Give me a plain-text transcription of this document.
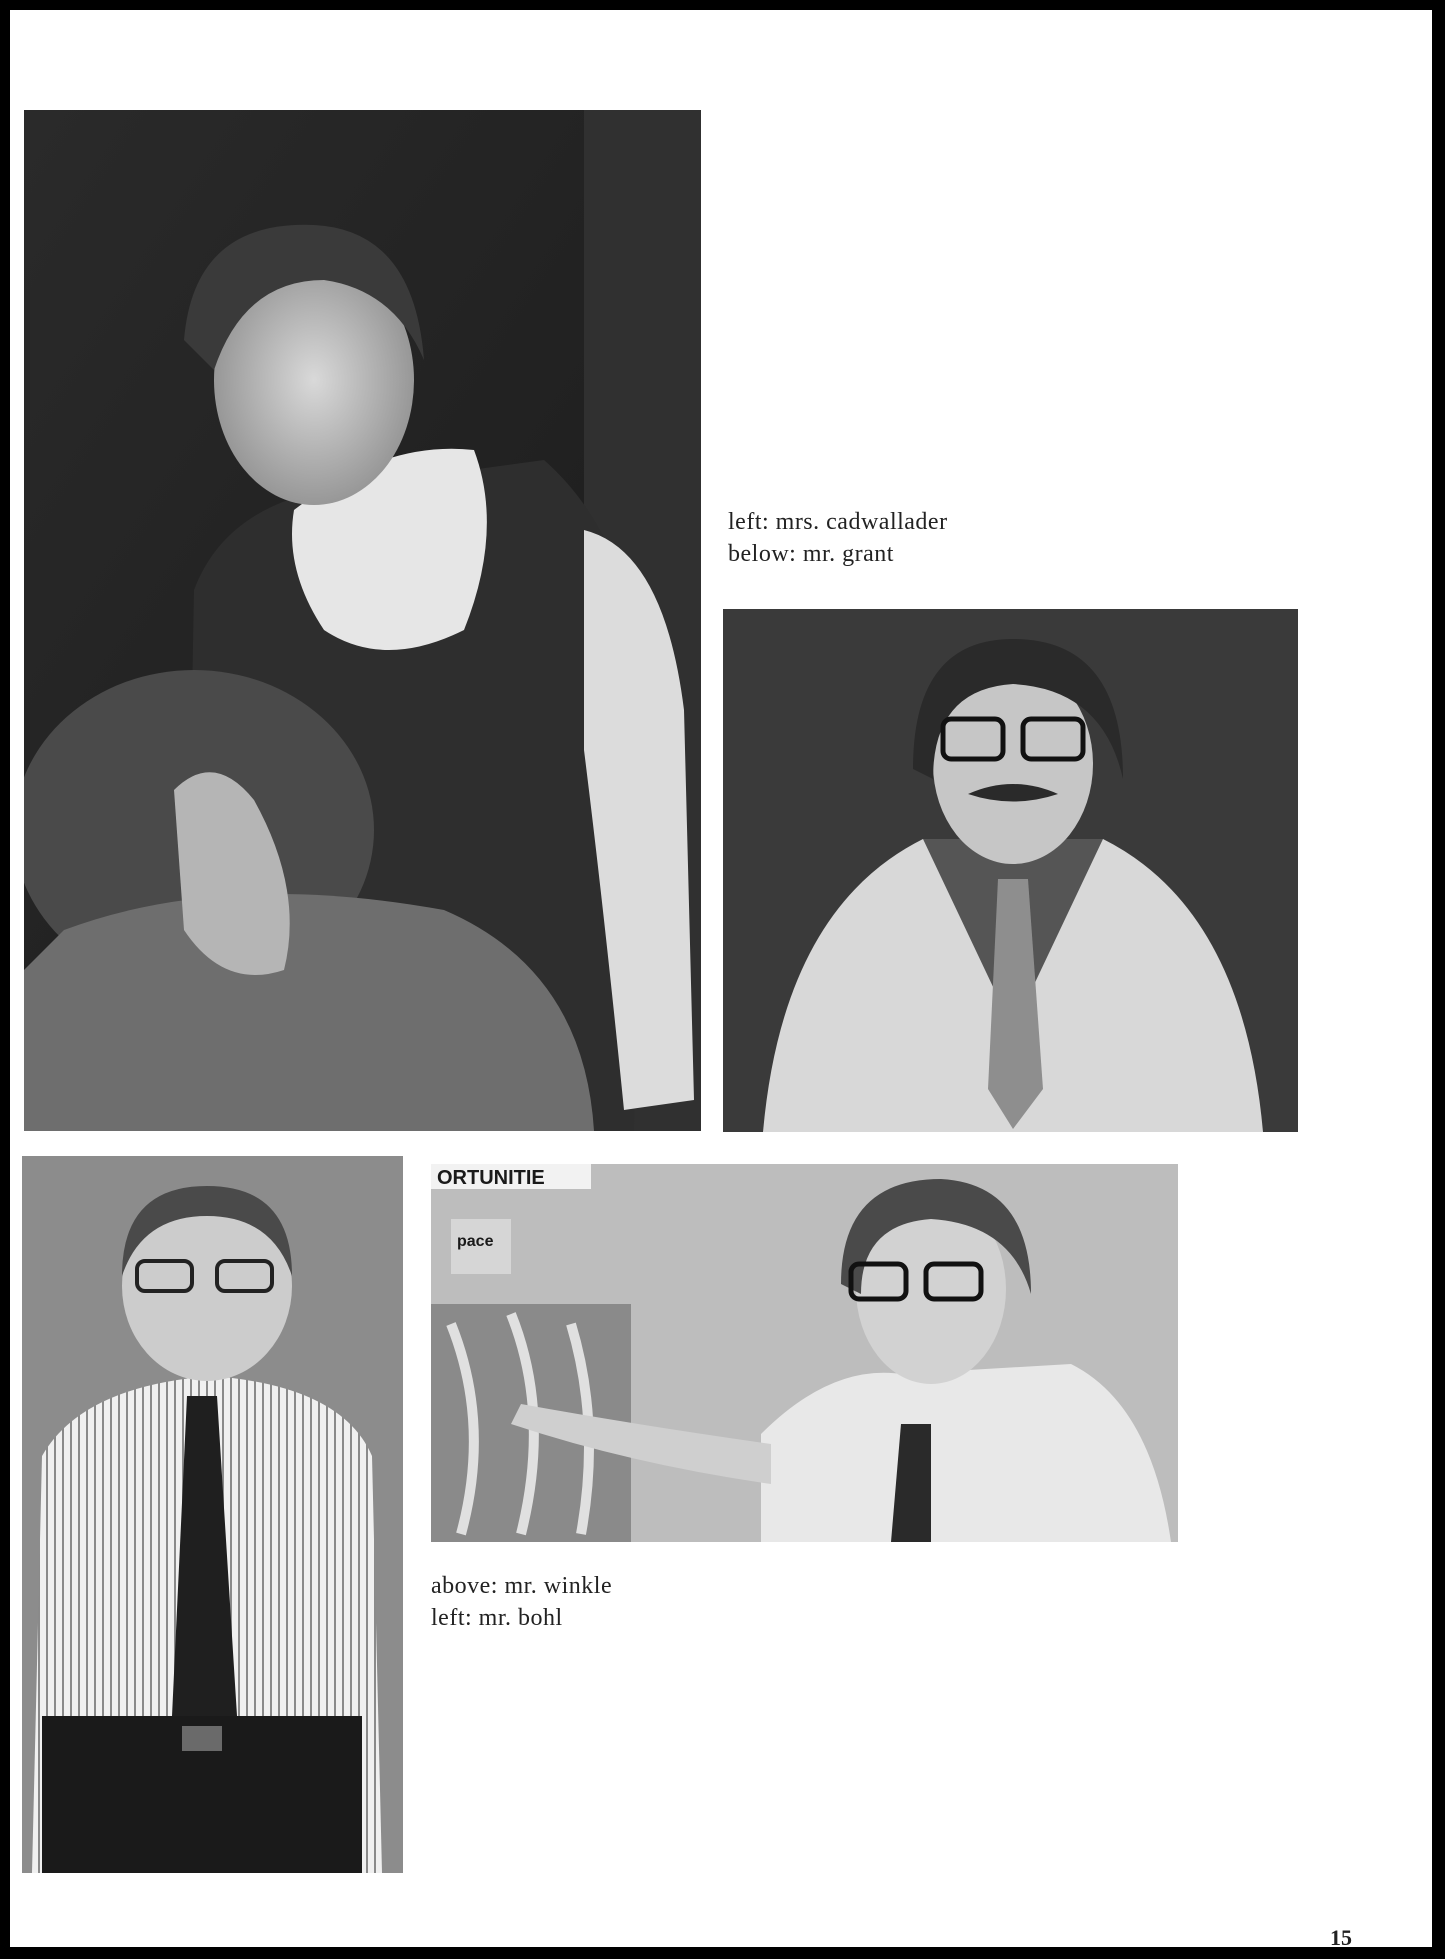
ORTUNITIE
pace
left: mrs. cadwallader
below: mr. grant
above: mr. winkle
left: mr. bohl
15
